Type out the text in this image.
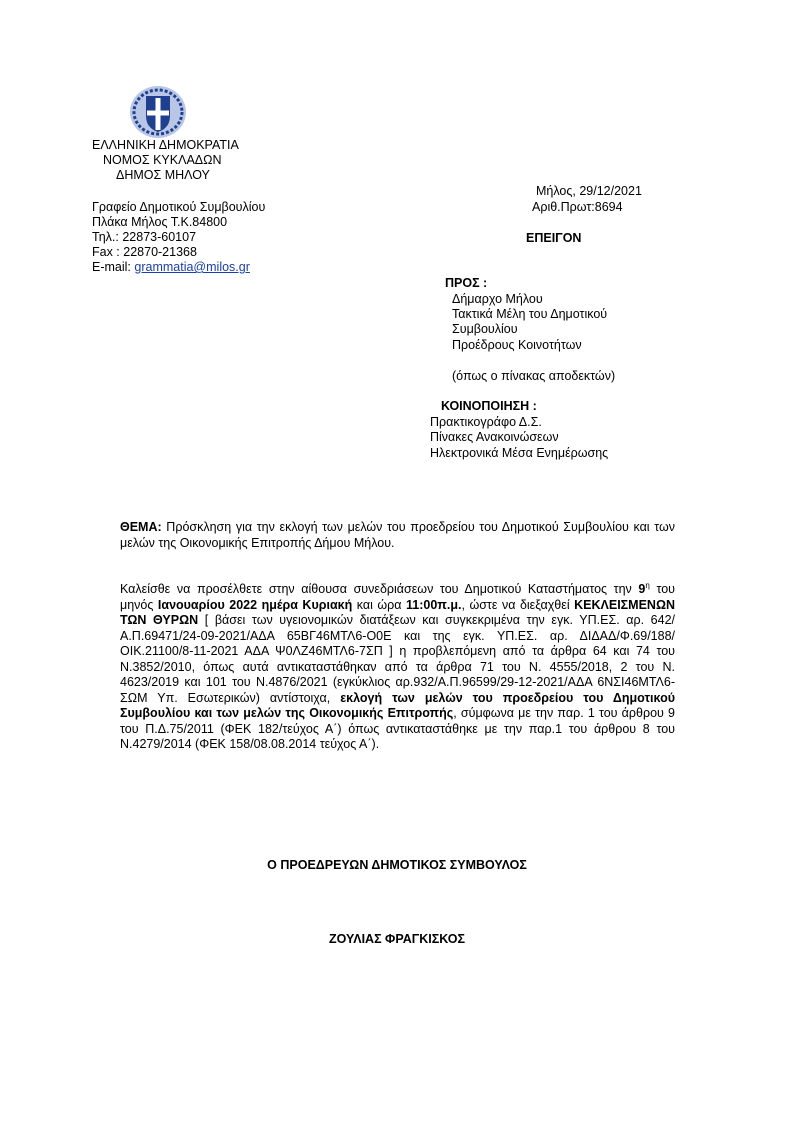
ΕΛΛΗΝΙΚΗ ΔΗΜΟΚΡΑΤΙΑ
ΝΟΜΟΣ ΚΥΚΛΑΔΩΝ
ΔΗΜΟΣ ΜΗΛΟΥ
Γραφείο Δημοτικού Συμβουλίου
Πλάκα Μήλος Τ.Κ.84800
Τηλ.: 22873-60107
Fax : 22870-21368
E-mail: grammatia@milos.gr
Μήλος, 29/12/2021
Αριθ.Πρωτ:8694
ΕΠΕΙΓΟΝ
ΠΡΟΣ :
Δήμαρχο Μήλου
Τακτικά Μέλη του Δημοτικού
Συμβουλίου
Προέδρους Κοινοτήτων
(όπως ο πίνακας αποδεκτών)
ΚΟΙΝΟΠΟΙΗΣΗ :
Πρακτικογράφο Δ.Σ.
Πίνακες Ανακοινώσεων
Ηλεκτρονικά Μέσα Ενημέρωσης
ΘΕΜΑ: Πρόσκληση για την εκλογή των μελών του προεδρείου του Δημοτικού Συμβουλίου και των μελών της Οικονομικής Επιτροπής Δήμου Μήλου.
Καλείσθε να προσέλθετε στην αίθουσα συνεδριάσεων του Δημοτικού Καταστήματος την $9^\eta$ του μηνός Ιανουαρίου 2022 ημέρα Κυριακή και ώρα 11:00π.μ., ώστε να διεξαχθεί ΚΕΚΛΕΙΣΜΕΝΩΝ ΤΩΝ ΘΥΡΩΝ [ βάσει των υγειονομικών διατάξεων και συγκεκριμένα την εγκ. ΥΠ.ΕΣ. αρ. 642/Α.Π.69471/24-09-2021/ΑΔΑ 65ΒΓ46ΜΤΛ6-Ο0Ε και της εγκ. ΥΠ.ΕΣ. αρ. ΔΙΔΑΔ/Φ.69/188/ΟΙΚ.21100/8-11-2021 ΑΔΑ Ψ0ΛΖ46ΜΤΛ6-7ΣΠ ] η προβλεπόμενη από τα άρθρα 64 και 74 του Ν.3852/2010, όπως αυτά αντικαταστάθηκαν από τα άρθρα 71 του Ν. 4555/2018, 2 του Ν. 4623/2019 και 101 του Ν.4876/2021 (εγκύκλιος αρ.932/Α.Π.96599/29-12-2021/ΑΔΑ 6ΝΣΙ46ΜΤΛ6-ΣΩΜ Υπ. Εσωτερικών) αντίστοιχα, εκλογή των μελών του προεδρείου του Δημοτικού Συμβουλίου και των μελών της Οικονομικής Επιτροπής, σύμφωνα με την παρ. 1 του άρθρου 9 του Π.Δ.75/2011 (ΦΕΚ 182/τεύχος Α΄) όπως αντικαταστάθηκε με την παρ.1 του άρθρου 8 του Ν.4279/2014 (ΦΕΚ 158/08.08.2014 τεύχος Α΄).
Ο ΠΡΟΕΔΡΕΥΩΝ ΔΗΜΟΤΙΚΟΣ ΣΥΜΒΟΥΛΟΣ
ΖΟΥΛΙΑΣ ΦΡΑΓΚΙΣΚΟΣ
